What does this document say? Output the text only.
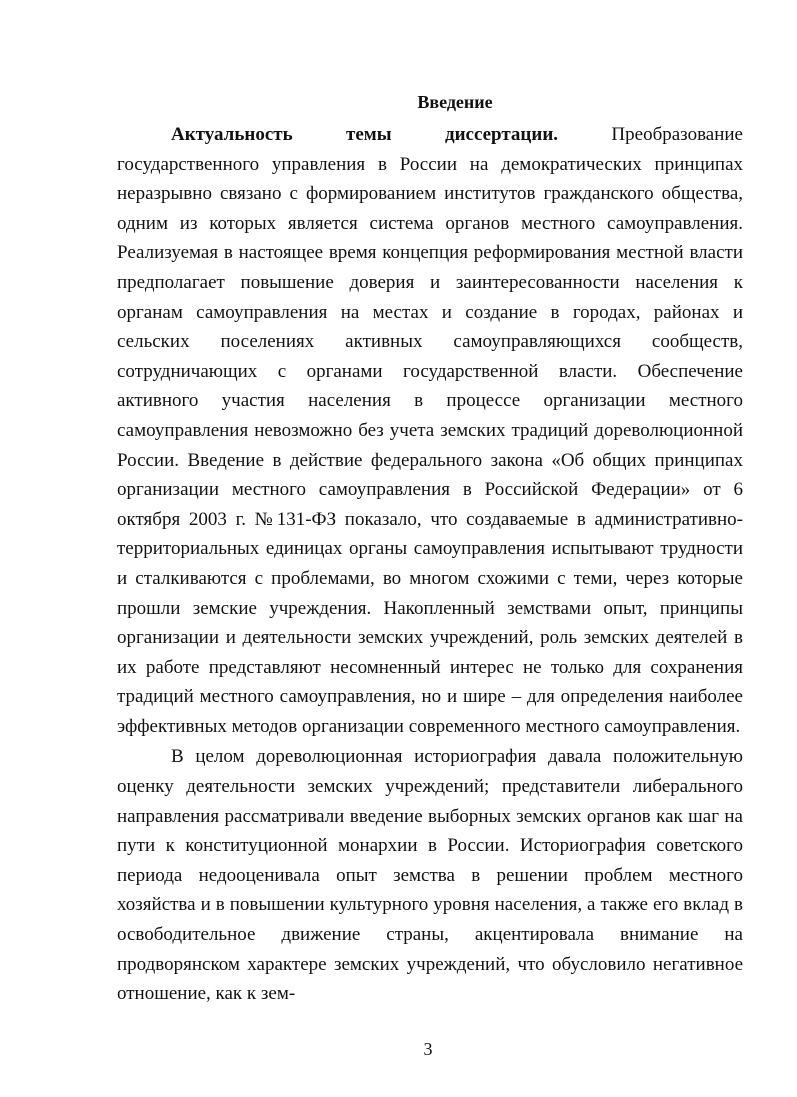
Введение

Актуальность темы диссертации. Преобразование государственного управления в России на демократических принципах неразрывно связано с формированием институтов гражданского общества, одним из которых является система органов местного самоуправления. Реализуемая в настоящее время концепция реформирования местной власти предполагает повышение доверия и заинтересованности населения к органам самоуправления на местах и создание в городах, районах и сельских поселениях активных самоуправляющихся сообществ, сотрудничающих с органами государственной власти. Обеспечение активного участия населения в процессе организации местного самоуправления невозможно без учета земских традиций дореволюционной России. Введение в действие федерального закона «Об общих принципах организации местного самоуправления в Российской Федерации» от 6 октября 2003 г. №131-ФЗ показало, что создаваемые в административно-территориальных единицах органы самоуправления испытывают трудности и сталкиваются с проблемами, во многом схожими с теми, через которые прошли земские учреждения. Накопленный земствами опыт, принципы организации и деятельности земских учреждений, роль земских деятелей в их работе представляют несомненный интерес не только для сохранения традиций местного самоуправления, но и шире – для определения наиболее эффективных методов организации современного местного самоуправления.

В целом дореволюционная историография давала положительную оценку деятельности земских учреждений; представители либерального направления рассматривали введение выборных земских органов как шаг на пути к конституционной монархии в России. Историография советского периода недооценивала опыт земства в решении проблем местного хозяйства и в повышении культурного уровня населения, а также его вклад в освободительное движение страны, акцентировала внимание на продворянском характере земских учреждений, что обусловило негативное отношение, как к зем-

3
